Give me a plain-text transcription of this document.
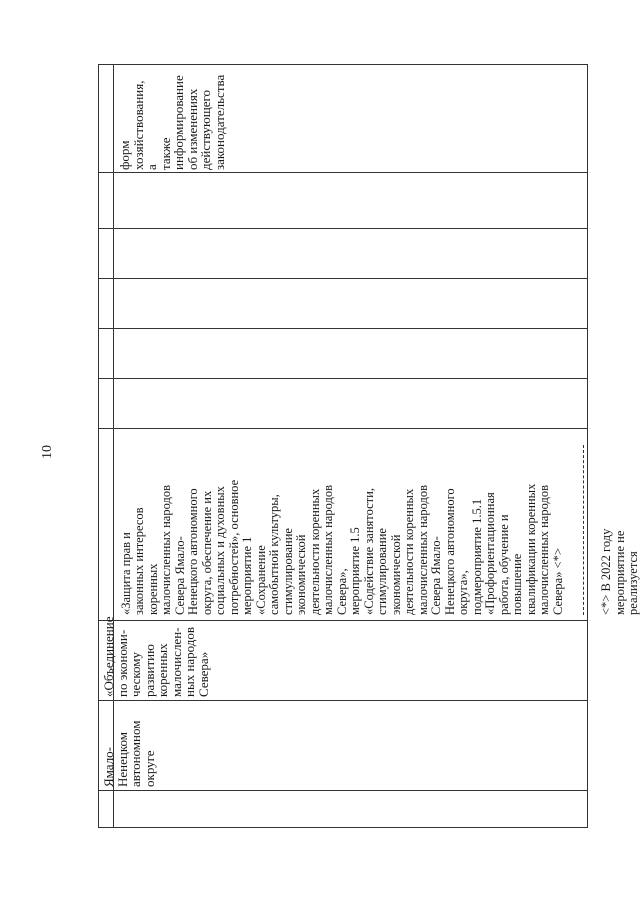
10
форм
хозяйствования, а
также
информирование
об изменениях
действующего
законодательства

«Защита прав и
законных интересов
коренных
малочисленных народов
Севера Ямало-
Ненецкого автономного
округа, обеспечение их
социальных и духовных
потребностей», основное
мероприятие 1
«Сохранение
самобытной культуры,
стимулирование
экономической
деятельности коренных
малочисленных народов
Севера»,
мероприятие 1.5
«Содействие занятости,
стимулирование
экономической
деятельности коренных
малочисленных народов
Севера Ямало-
Ненецкого автономного
округа»,
подмероприятие 1.5.1
«Профориентационная
работа, обучение и
повышение
квалификации коренных
малочисленных народов
Севера» <*>

<*> В 2022 году
мероприятие не
реализуется

«Объединение
по экономи-
ческому
развитию
коренных
малочислен-
ных народов
Севера»
Ямало-Ненецком
автономном округе
